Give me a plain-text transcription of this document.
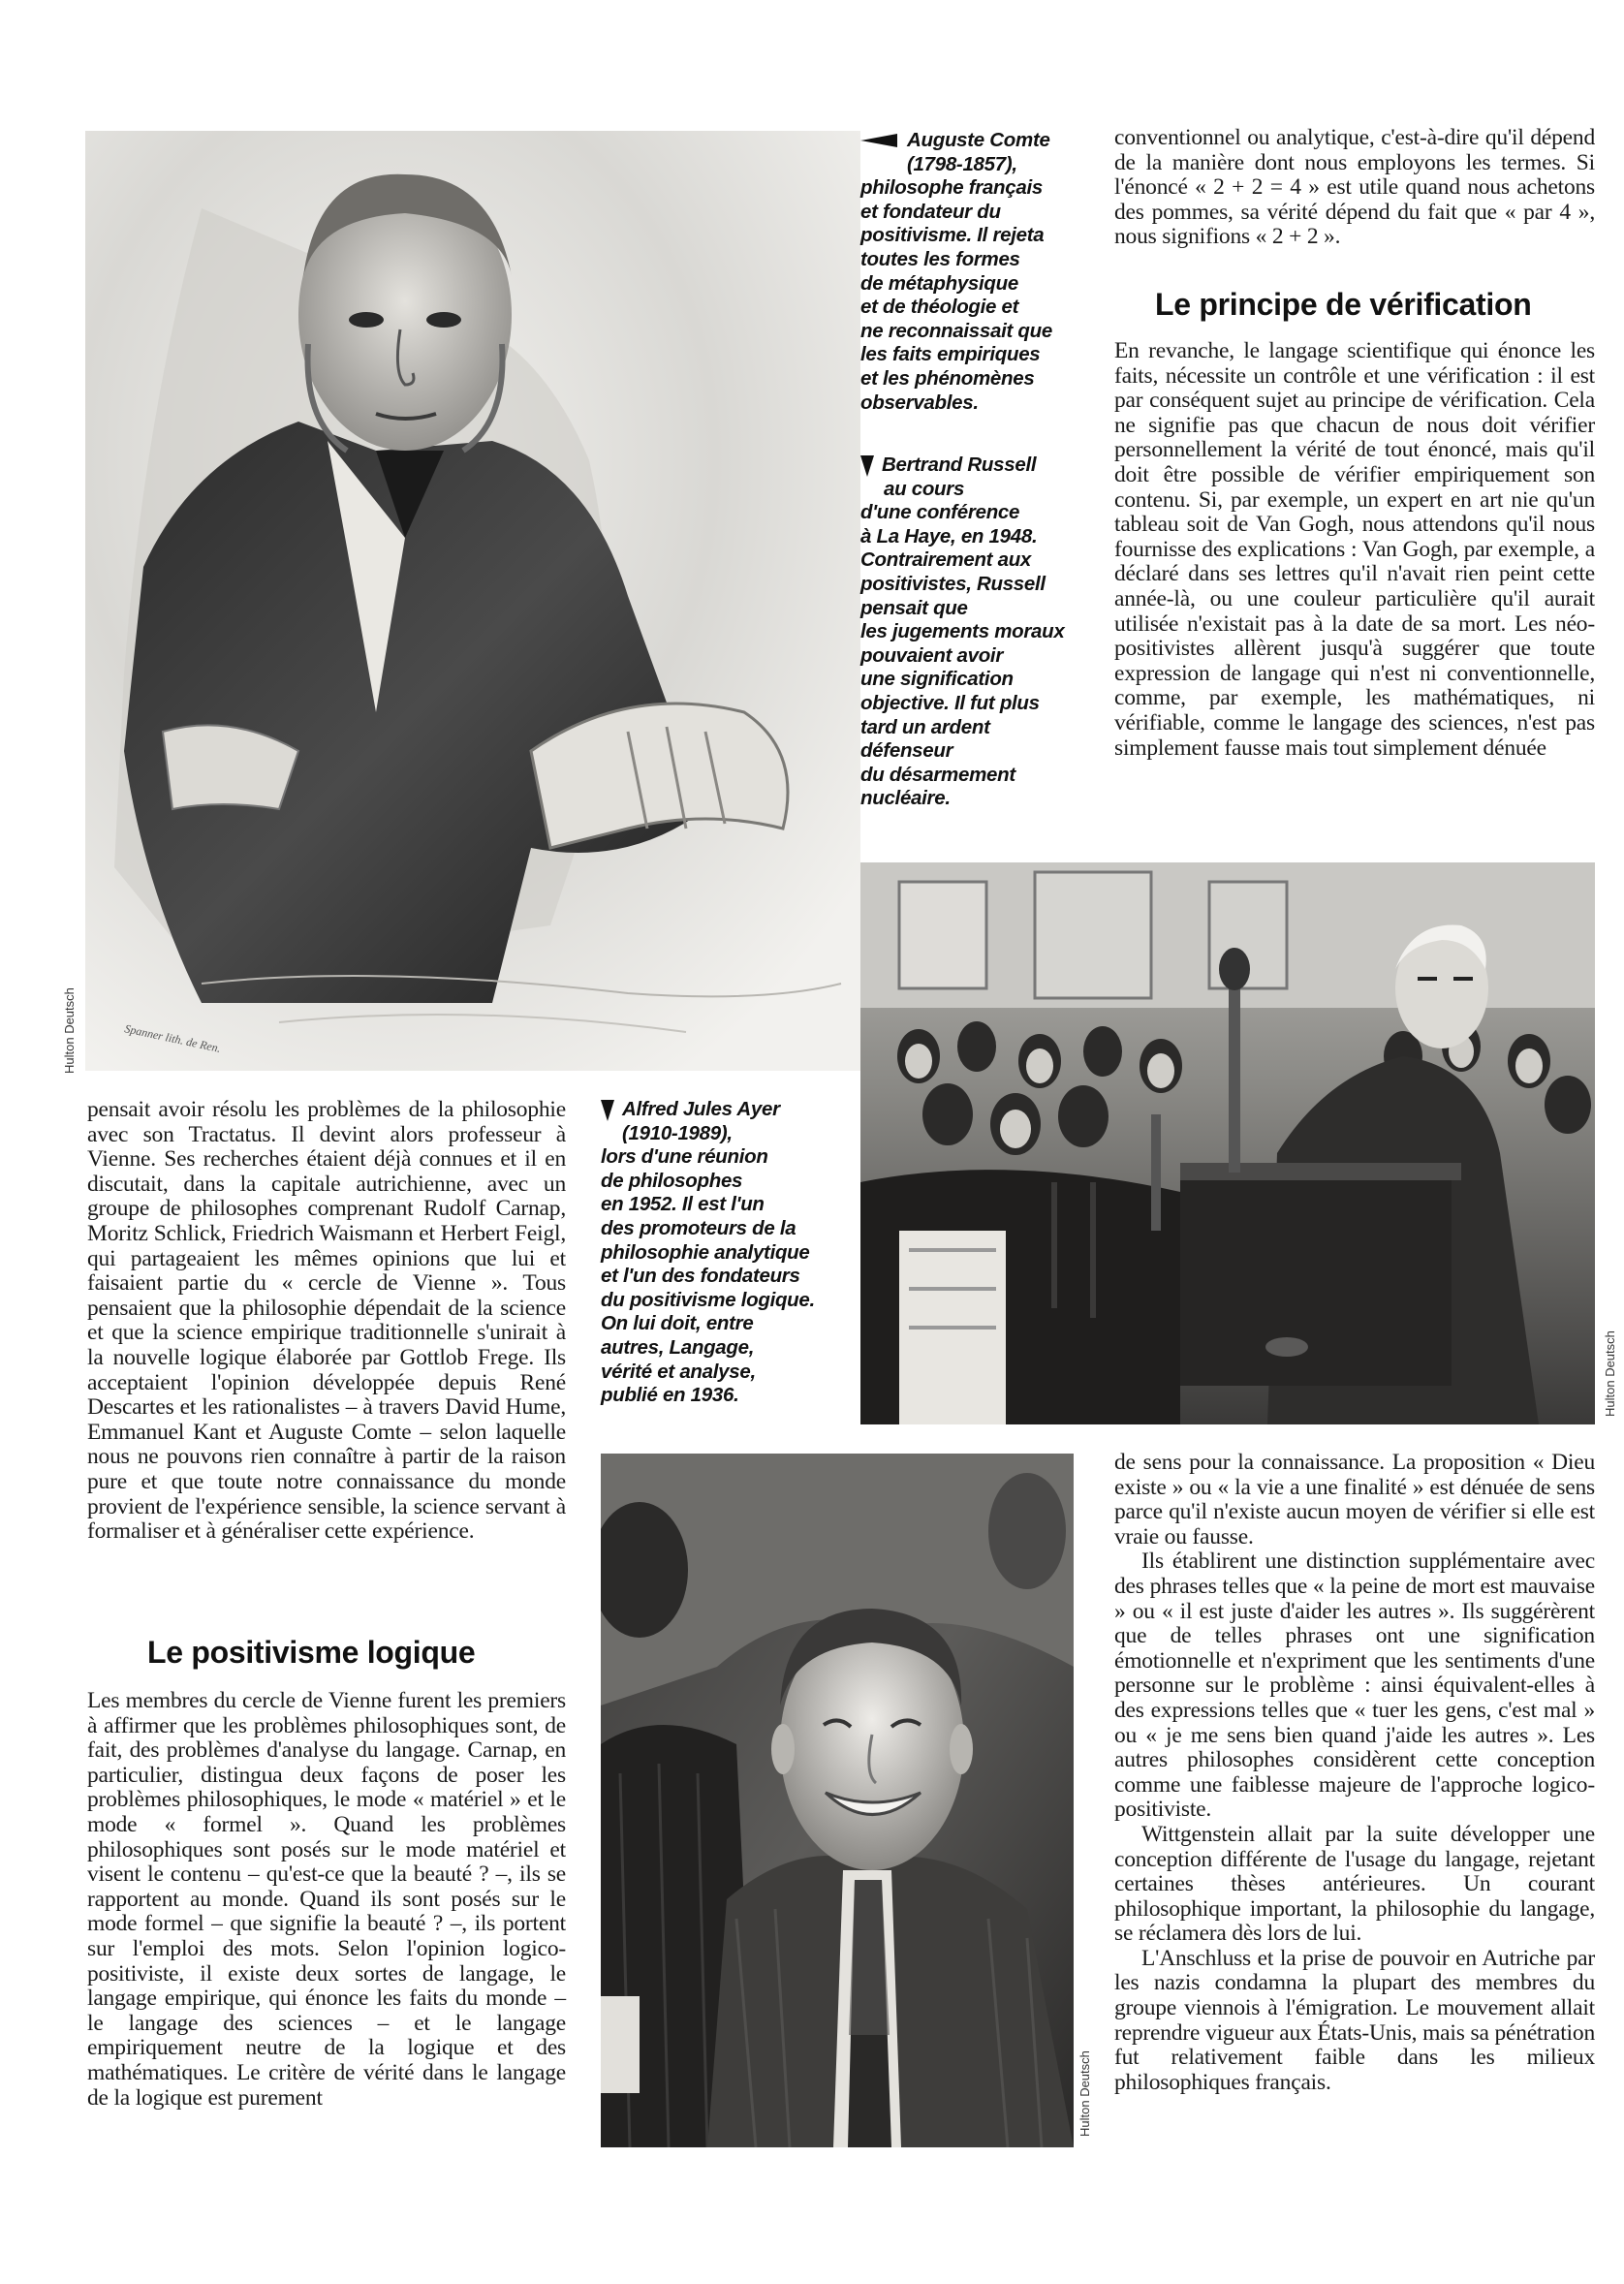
Spanner lith. de Ren.
Hulton Deutsch
Auguste Comte
(1798-1857),
philosophe français
et fondateur du
positivisme. Il rejeta
toutes les formes
de métaphysique
et de théologie et
ne reconnaissait que
les faits empiriques
et les phénomènes
observables.
Bertrand Russell
au cours
d'une conférence
à La Haye, en 1948.
Contrairement aux
positivistes, Russell
pensait que
les jugements moraux
pouvaient avoir
une signification
objective. Il fut plus
tard un ardent
défenseur
du désarmement
nucléaire.

conventionnel ou analytique, c'est-à-dire qu'il dépend de la manière dont nous employons les termes. Si l'énoncé « 2 + 2 = 4 » est utile quand nous achetons des pommes, sa vérité dépend du fait que « par 4 », nous signifions « 2 + 2 ».

Le principe de vérification

En revanche, le langage scientifique qui énonce les faits, nécessite un contrôle et une vérification : il est par conséquent sujet au principe de vérification. Cela ne signifie pas que chacun de nous doit vérifier personnellement la vérité de tout énoncé, mais qu'il doit être possible de vérifier empiriquement son contenu. Si, par exemple, un expert en art nie qu'un tableau soit de Van Gogh, nous attendons qu'il nous fournisse des explications : Van Gogh, par exemple, a déclaré dans ses lettres qu'il n'avait rien peint cette année-là, ou une couleur particulière qu'il aurait utilisée n'existait pas à la date de sa mort. Les néo-positivistes allèrent jusqu'à suggérer que toute expression de langage qui n'est ni conventionnelle, comme, par exemple, les mathématiques, ni vérifiable, comme le langage des sciences, n'est pas simplement fausse mais tout simplement dénuée

Hulton Deutsch

pensait avoir résolu les problèmes de la philosophie avec son Tractatus. Il devint alors professeur à Vienne. Ses recherches étaient déjà connues et il en discutait, dans la capitale autrichienne, avec un groupe de philosophes comprenant Rudolf Carnap, Moritz Schlick, Friedrich Waismann et Herbert Feigl, qui partageaient les mêmes opinions que lui et faisaient partie du « cercle de Vienne ». Tous pensaient que la philosophie dépendait de la science et que la science empirique traditionnelle s'unirait à la nouvelle logique élaborée par Gottlob Frege. Ils acceptaient l'opinion développée depuis René Descartes et les rationalistes – à travers David Hume, Emmanuel Kant et Auguste Comte – selon laquelle nous ne pouvons rien connaître à partir de la raison pure et que toute notre connaissance du monde provient de l'expérience sensible, la science servant à formaliser et à généraliser cette expérience.

Alfred Jules Ayer
(1910-1989),
lors d'une réunion
de philosophes
en 1952. Il est l'un
des promoteurs de la
philosophie analytique
et l'un des fondateurs
du positivisme logique.
On lui doit, entre
autres, Langage,
vérité et analyse,
publié en 1936.
Le positivisme logique

Les membres du cercle de Vienne furent les premiers à affirmer que les problèmes philosophiques sont, de fait, des problèmes d'analyse du langage. Carnap, en particulier, distingua deux façons de poser les problèmes philosophiques, le mode « matériel » et le mode « formel ». Quand les problèmes philosophiques sont posés sur le mode matériel et visent le contenu – qu'est-ce que la beauté ? –, ils se rapportent au monde. Quand ils sont posés sur le mode formel – que signifie la beauté ? –, ils portent sur l'emploi des mots. Selon l'opinion logico-positiviste, il existe deux sortes de langage, le langage empirique, qui énonce les faits du monde – le langage des sciences – et le langage empiriquement neutre de la logique et des mathématiques. Le critère de vérité dans le langage de la logique est purement	Hulton Deutsch

de sens pour la connaissance. La proposition « Dieu existe » ou « la vie a une finalité » est dénuée de sens parce qu'il n'existe aucun moyen de vérifier si elle est vraie ou fausse.

Ils établirent une distinction supplémentaire avec des phrases telles que « la peine de mort est mauvaise » ou « il est juste d'aider les autres ». Ils suggérèrent que de telles phrases ont une signification émotionnelle et n'expriment que les sentiments d'une personne sur le problème : ainsi équivalent-elles à des expressions telles que « tuer les gens, c'est mal » ou « je me sens bien quand j'aide les autres ». Les autres philosophes considèrent cette conception comme une faiblesse majeure de l'approche logico-positiviste.

Wittgenstein allait par la suite développer une conception différente de l'usage du langage, rejetant certaines thèses antérieures. Un courant philosophique important, la philosophie du langage, se réclamera dès lors de lui.

L'Anschluss et la prise de pouvoir en Autriche par les nazis condamna la plupart des membres du groupe viennois à l'émigration. Le mouvement allait reprendre vigueur aux États-Unis, mais sa pénétration fut relativement faible dans les milieux philosophiques français.
